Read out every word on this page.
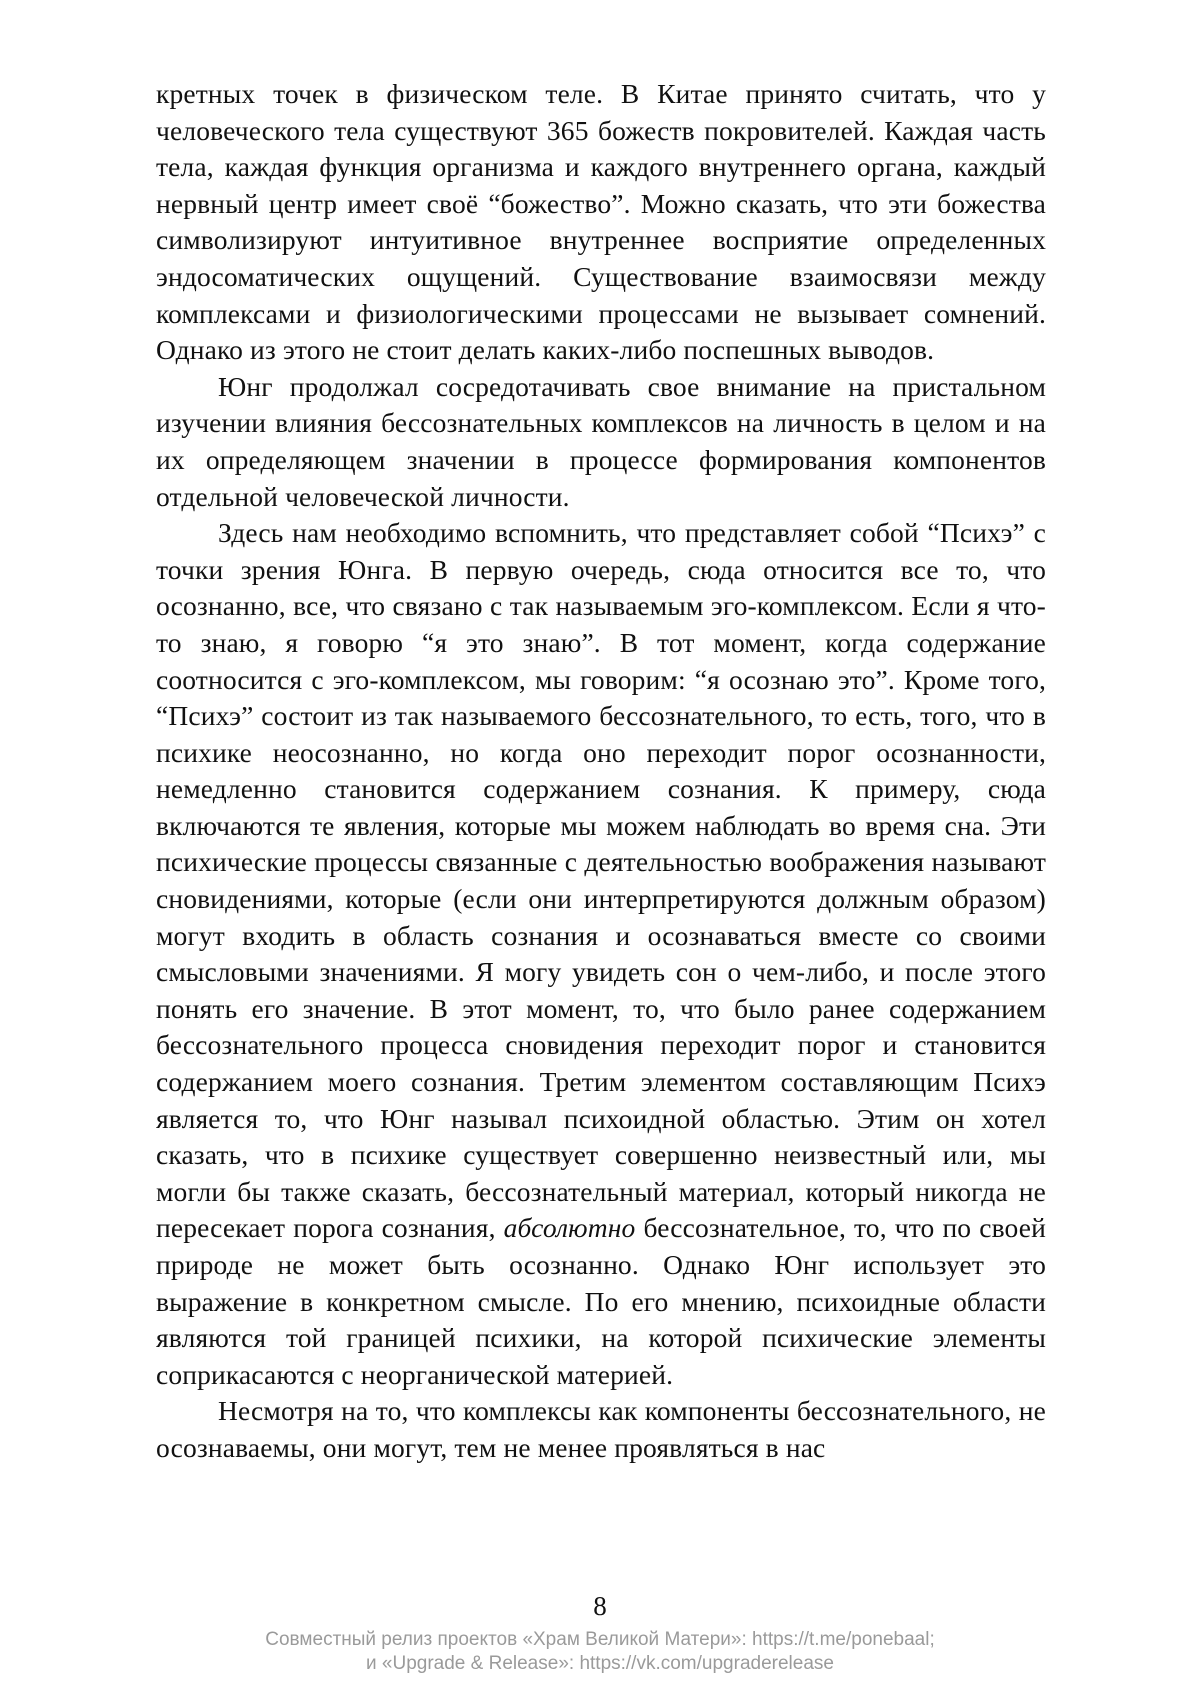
кретных точек в физическом теле. В Китае принято считать, что у человеческого тела существуют 365 божеств покровителей. Каждая часть тела, каждая функция организма и каждого внут­реннего органа, каждый нервный центр имеет своё “божество”. Можно сказать, что эти божества символизируют интуитивное внутреннее восприятие определенных эндосоматических ощуще­ний. Существование взаимосвязи между комплексами и физиоло­гическими процессами не вызывает сомнений. Однако из этого не стоит делать каких-либо поспешных выводов.

Юнг продолжал сосредотачивать свое внимание на присталь­ном изучении влияния бессознательных комплексов на личность в целом и на их определяющем значении в процессе формирова­ния компонентов отдельной человеческой личности.

Здесь нам необходимо вспомнить, что представляет собой “Психэ” с точки зрения Юнга. В первую очередь, сюда отно­сится все то, что осознанно, все, что связано с так называемым эго-комплексом. Если я что-то знаю, я говорю “я это знаю”. В тот момент, когда содержание соотносится с эго-комплексом, мы говорим: “я осознаю это”. Кроме того, “Психэ” состоит из так называемого бессознательного, то есть, того, что в психике неосо­знанно, но когда оно переходит порог осознанности, немедленно становится содержанием сознания. К примеру, сюда включаются те явления, которые мы можем наблюдать во время сна. Эти психические процессы связанные с деятельностью воображения называют сновидениями, которые (если они интерпретируются должным образом) могут входить в область сознания и осозна­ваться вместе со своими смысловыми значениями. Я могу увидеть сон о чем-либо, и после этого понять его значение. В этот мо­мент, то, что было ранее содержанием бессознательного процесса сновидения переходит порог и становится содержанием моего сознания. Третим элементом составляющим Психэ является то, что Юнг называл психоидной областью. Этим он хотел сказать, что в психике существует совершенно неизвестный или, мы могли бы также сказать, бессознательный материал, который никогда не пересекает порога сознания, абсолютно бессознательное, то, что по своей природе не может быть осознанно. Однако Юнг использует это выражение в конкретном смысле. По его мнению, психоидные области являются той границей психики, на которой психические элементы соприкасаются с неорганической материей.

Несмотря на то, что комплексы как компоненты бессознатель­ного, не осознаваемы, они могут, тем не менее проявляться в нас

8
Совместный релиз проектов «Храм Великой Матери»: https://t.me/ponebaal;
и «Upgrade & Release»: https://vk.com/upgraderelease
